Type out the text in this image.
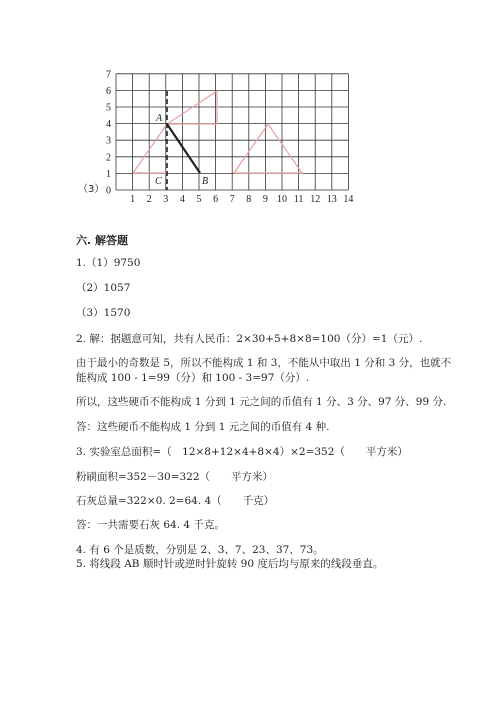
1 2 3 4 5 6 7 8 9 10 11 12 13 14
0
1
2
3
4
5
6
7
A
B
C
（3）
六. 解答题
1.（1）9750
（2）1057
（3）1570
2. 解：据题意可知，共有人民币：2×30+5+8×8=100（分）=1（元）.
由于最小的奇数是 5，所以不能构成 1 和 3，不能从中取出 1 分和 3 分，也就不
能构成 100 - 1=99（分）和 100 - 3=97（分）.
所以，这些硬币不能构成 1 分到 1 元之间的币值有 1 分、3 分、97 分、99 分.
答：这些硬币不能构成 1 分到 1 元之间的币值有 4 种.
3. 实验室总面积=（　12×8+12×4+8×4）×2=352（　　平方米）
粉刷面积=352－30=322（　　平方米）
石灰总量=322×0. 2=64. 4（　　千克）
答：一共需要石灰 64. 4 千克。
4. 有 6 个是质数，分别是 2、3、7、23、37、73。
5. 将线段 AB 顺时针或逆时针旋转 90 度后均与原来的线段垂直。
